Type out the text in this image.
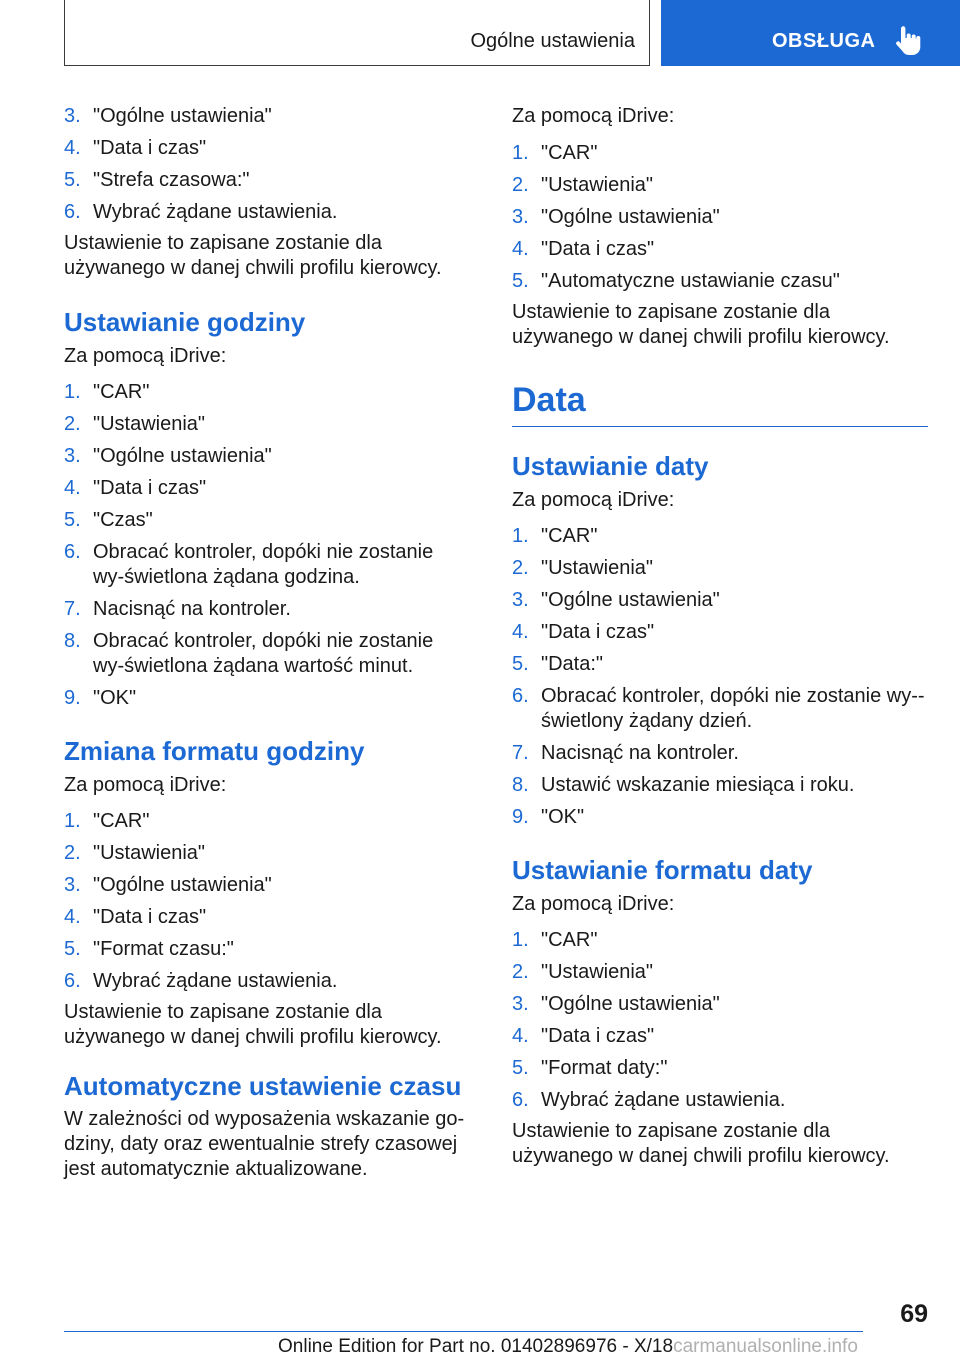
Ogólne ustawienia	OBSŁUGA
3. "Ogólne ustawienia"
4. "Data i czas"
5. "Strefa czasowa:"
6. Wybrać żądane ustawienia.

Ustawienie to zapisane zostanie dla używanego w danej chwili profilu kierowcy.

Ustawianie godziny

Za pomocą iDrive:

1. "CAR"
2. "Ustawienia"
3. "Ogólne ustawienia"
4. "Data i czas"
5. "Czas"
6. Obracać kontroler, dopóki nie zostanie wy-świetlona żądana godzina.
7. Nacisnąć na kontroler.
8. Obracać kontroler, dopóki nie zostanie wy-świetlona żądana wartość minut.
9. "OK"
Zmiana formatu godziny

Za pomocą iDrive:

1. "CAR"
2. "Ustawienia"
3. "Ogólne ustawienia"
4. "Data i czas"
5. "Format czasu:"
6. Wybrać żądane ustawienia.

Ustawienie to zapisane zostanie dla używanego w danej chwili profilu kierowcy.

Automatyczne ustawienie czasu

W zależności od wyposażenia wskazanie go-dziny, daty oraz ewentualnie strefy czasowej jest automatycznie aktualizowane.

Za pomocą iDrive:

1. "CAR"
2. "Ustawienia"
3. "Ogólne ustawienia"
4. "Data i czas"
5. "Automatyczne ustawianie czasu"

Ustawienie to zapisane zostanie dla używanego w danej chwili profilu kierowcy.

Data
Ustawianie daty

Za pomocą iDrive:

1. "CAR"
2. "Ustawienia"
3. "Ogólne ustawienia"
4. "Data i czas"
5. "Data:"
6. Obracać kontroler, dopóki nie zostanie wy-świetlony żądany dzień.
7. Nacisnąć na kontroler.
8. Ustawić wskazanie miesiąca i roku.
9. "OK"
Ustawianie formatu daty

Za pomocą iDrive:

1. "CAR"
2. "Ustawienia"
3. "Ogólne ustawienia"
4. "Data i czas"
5. "Format daty:"
6. Wybrać żądane ustawienia.

Ustawienie to zapisane zostanie dla używanego w danej chwili profilu kierowcy.

69
Online Edition for Part no. 01402896976 - X/18carmanualsonline.info
